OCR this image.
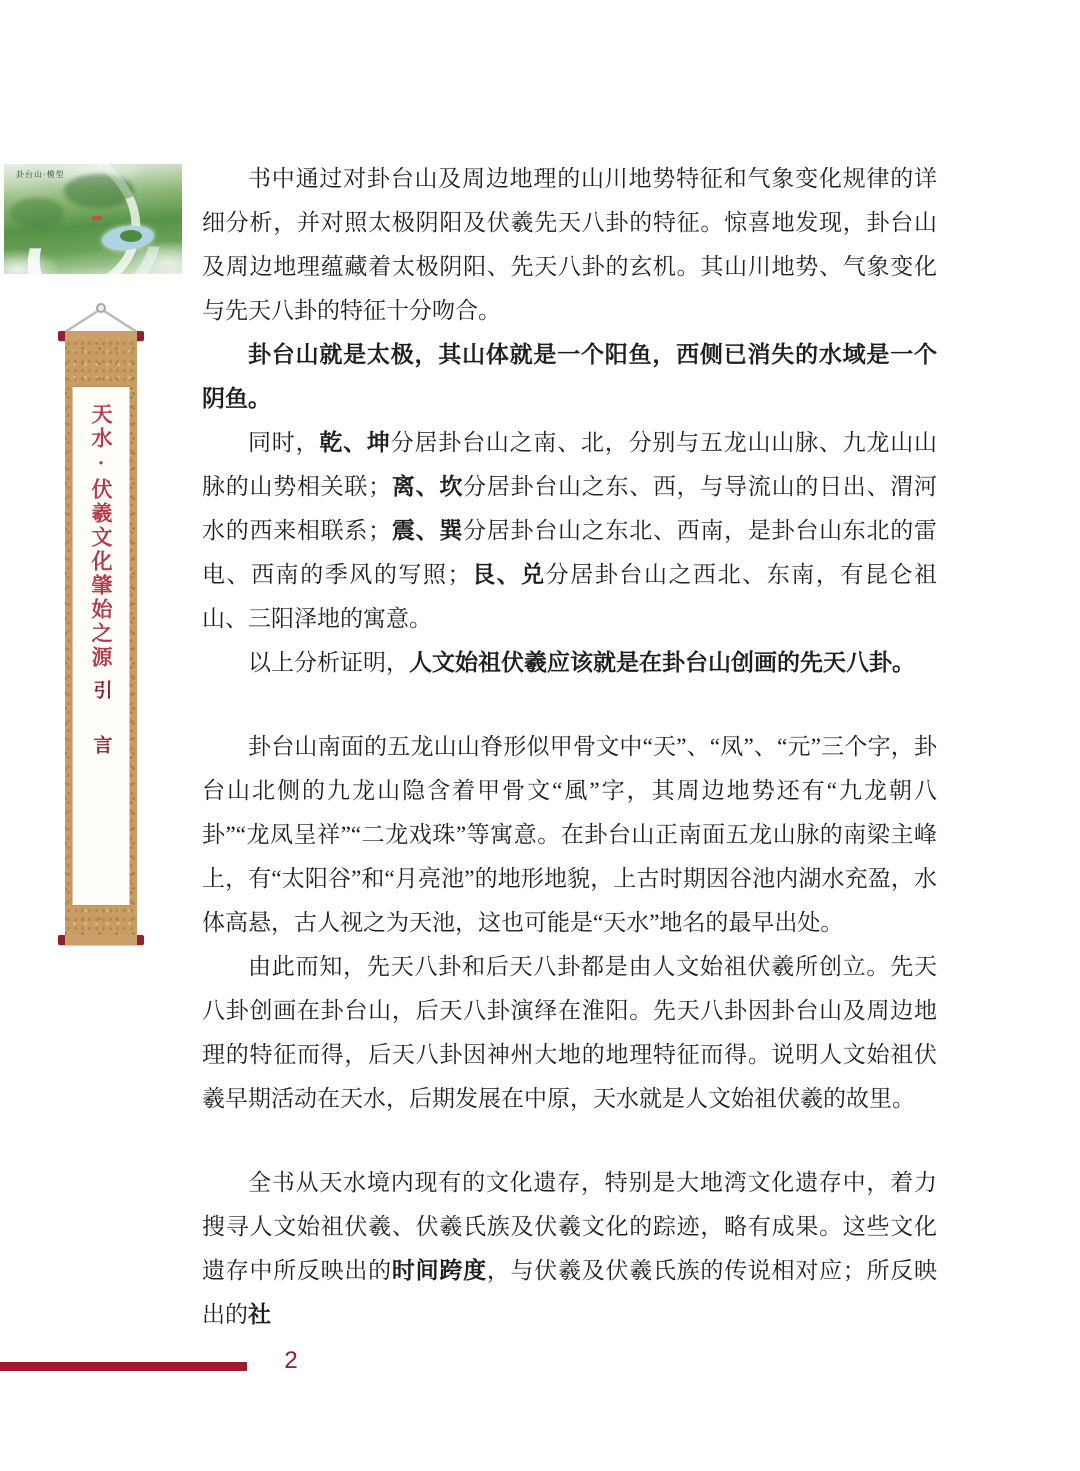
卦台山·模型
天水·伏羲文化肇始之源
引言

书中通过对卦台山及周边地理的山川地势特征和气象变化规律的详细分析，并对照太极阴阳及伏羲先天八卦的特征。惊喜地发现，卦台山及周边地理蕴藏着太极阴阳、先天八卦的玄机。其山川地势、气象变化与先天八卦的特征十分吻合。

卦台山就是太极，其山体就是一个阳鱼，西侧已消失的水域是一个阴鱼。

同时，乾、坤分居卦台山之南、北，分别与五龙山山脉、九龙山山脉的山势相关联；离、坎分居卦台山之东、西，与导流山的日出、渭河水的西来相联系；震、巽分居卦台山之东北、西南，是卦台山东北的雷电、西南的季风的写照；艮、兑分居卦台山之西北、东南，有昆仑祖山、三阳泽地的寓意。

以上分析证明，人文始祖伏羲应该就是在卦台山创画的先天八卦。

卦台山南面的五龙山山脊形似甲骨文中“天”、“凤”、“元”三个字，卦台山北侧的九龙山隐含着甲骨文“風”字，其周边地势还有“九龙朝八卦”“龙凤呈祥”“二龙戏珠”等寓意。在卦台山正南面五龙山脉的南梁主峰上，有“太阳谷”和“月亮池”的地形地貌，上古时期因谷池内湖水充盈，水体高悬，古人视之为天池，这也可能是“天水”地名的最早出处。

由此而知，先天八卦和后天八卦都是由人文始祖伏羲所创立。先天八卦创画在卦台山，后天八卦演绎在淮阳。先天八卦因卦台山及周边地理的特征而得，后天八卦因神州大地的地理特征而得。说明人文始祖伏羲早期活动在天水，后期发展在中原，天水就是人文始祖伏羲的故里。

全书从天水境内现有的文化遗存，特别是大地湾文化遗存中，着力搜寻人文始祖伏羲、伏羲氏族及伏羲文化的踪迹，略有成果。这些文化遗存中所反映出的时间跨度，与伏羲及伏羲氏族的传说相对应；所反映出的社

2
